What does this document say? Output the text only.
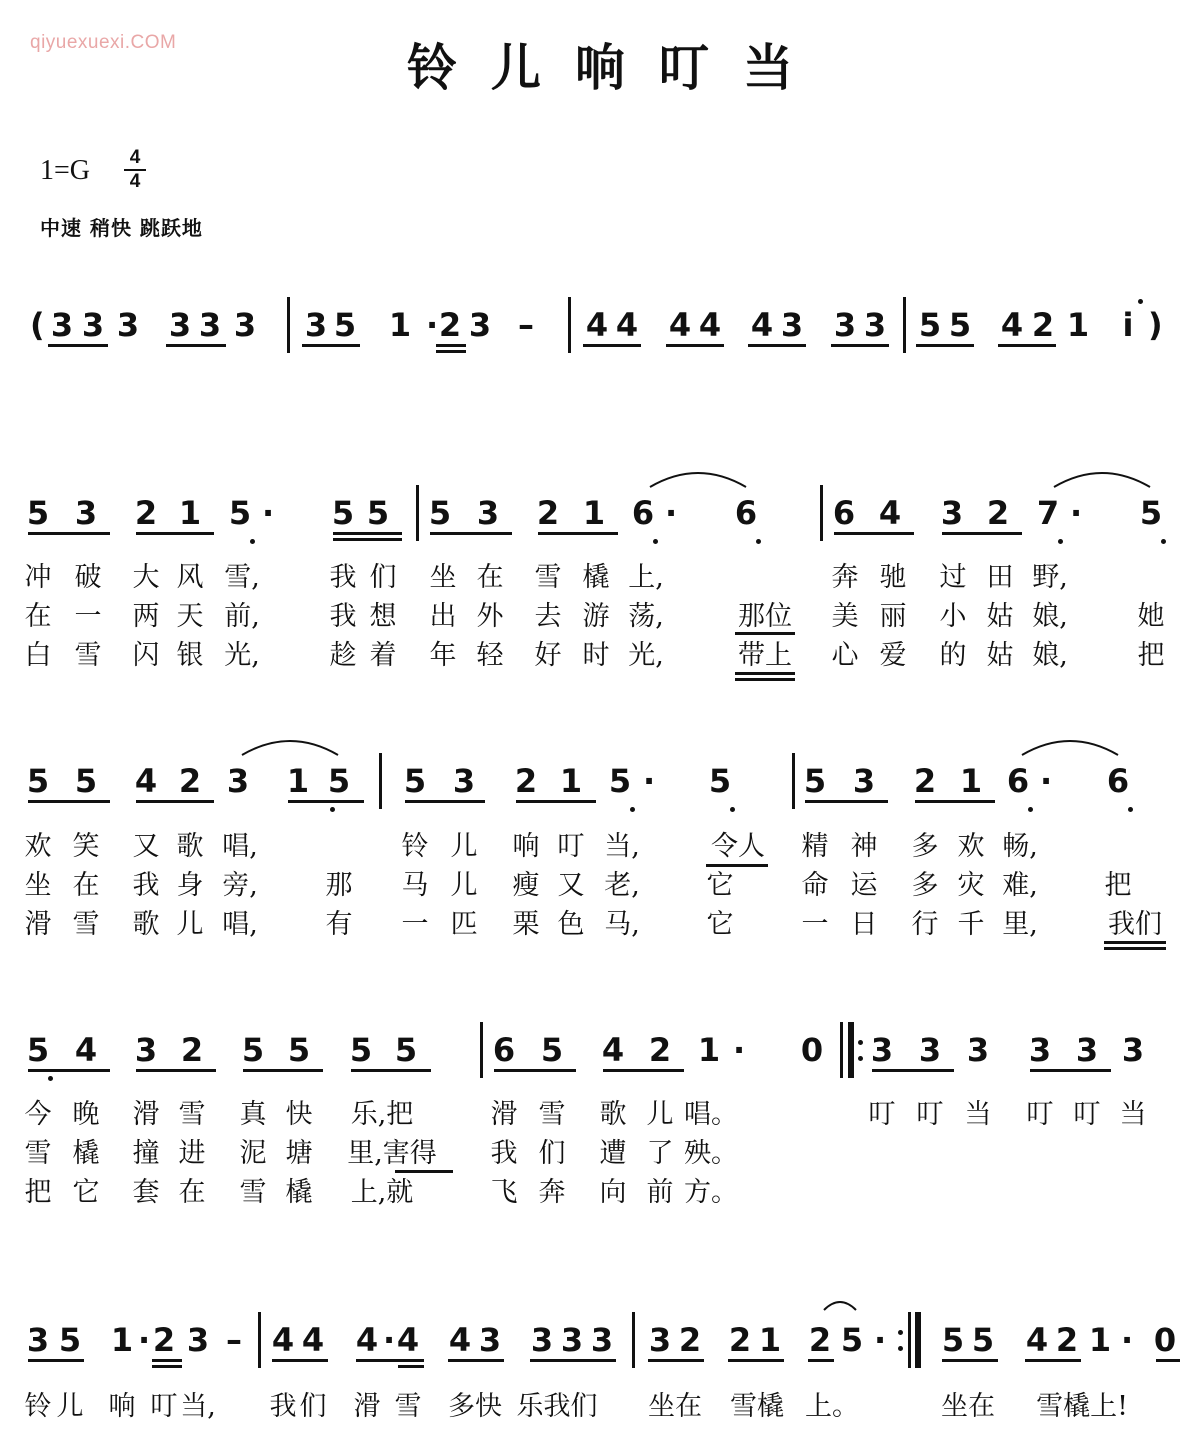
qiyuexuexi.COM	铃儿响叮当
1=G	4
4
中速 稍快 跳跃地
(	)
–
·
3 3 3 3 3 3 3 5 1 2 3	4 4 4 4 4 3 3 3 5 5 4 2 1 i
5 3 2 1 5	5 5 5 3 2 1 6	6 6 4 3 2 7	5
·	·	·
冲 破 大 风 雪,	我 们 坐 在 雪 橇 上,	奔 驰 过 田 野,
在 一 两 天 前,	我 想 出 外 去 游 荡,	那位 美 丽 小 姑 娘,	她
白 雪 闪 银 光,	趁 着 年 轻 好 时 光,	带上 心 爱 的 姑 娘,	把
5 5 4 2 3 1 5 5 3 2 1 5 5 5 3 2 1 6 6
·	·
欢 笑 又 歌 唱,	铃 儿 响 叮 当,	令人 精 神 多 欢 畅,
坐 在 我 身 旁,	那 马 儿 瘦 又 老, 它	命 运 多 灾 难, 把
滑 雪 歌 儿 唱,	有 一 匹 栗 色 马, 它	一 日 行 千 里,	我们
5 4 3 2 5 5 5 5 6 5 4 2 1	0 3 3 3 3 3 3
·
今 晚 滑 雪 真 快 乐,把	滑 雪 歌 儿 唱。	叮 叮 当 叮 叮 当
雪 橇 撞 进 泥 塘 里,害得 我 们 遭 了 殃。
把 它 套 在 雪 橇 上,就	飞 奔 向 前 方。
3 5 1 2 3 4 4 4 4 4 3 3 3 3 3 2 2 1 2 5 5 5 4 2 1 0
·	·	·	·
–
铃 儿 响 叮 当, 我 们 滑 雪 多快 乐我们 坐在 雪橇 上。	坐在 雪橇上!
